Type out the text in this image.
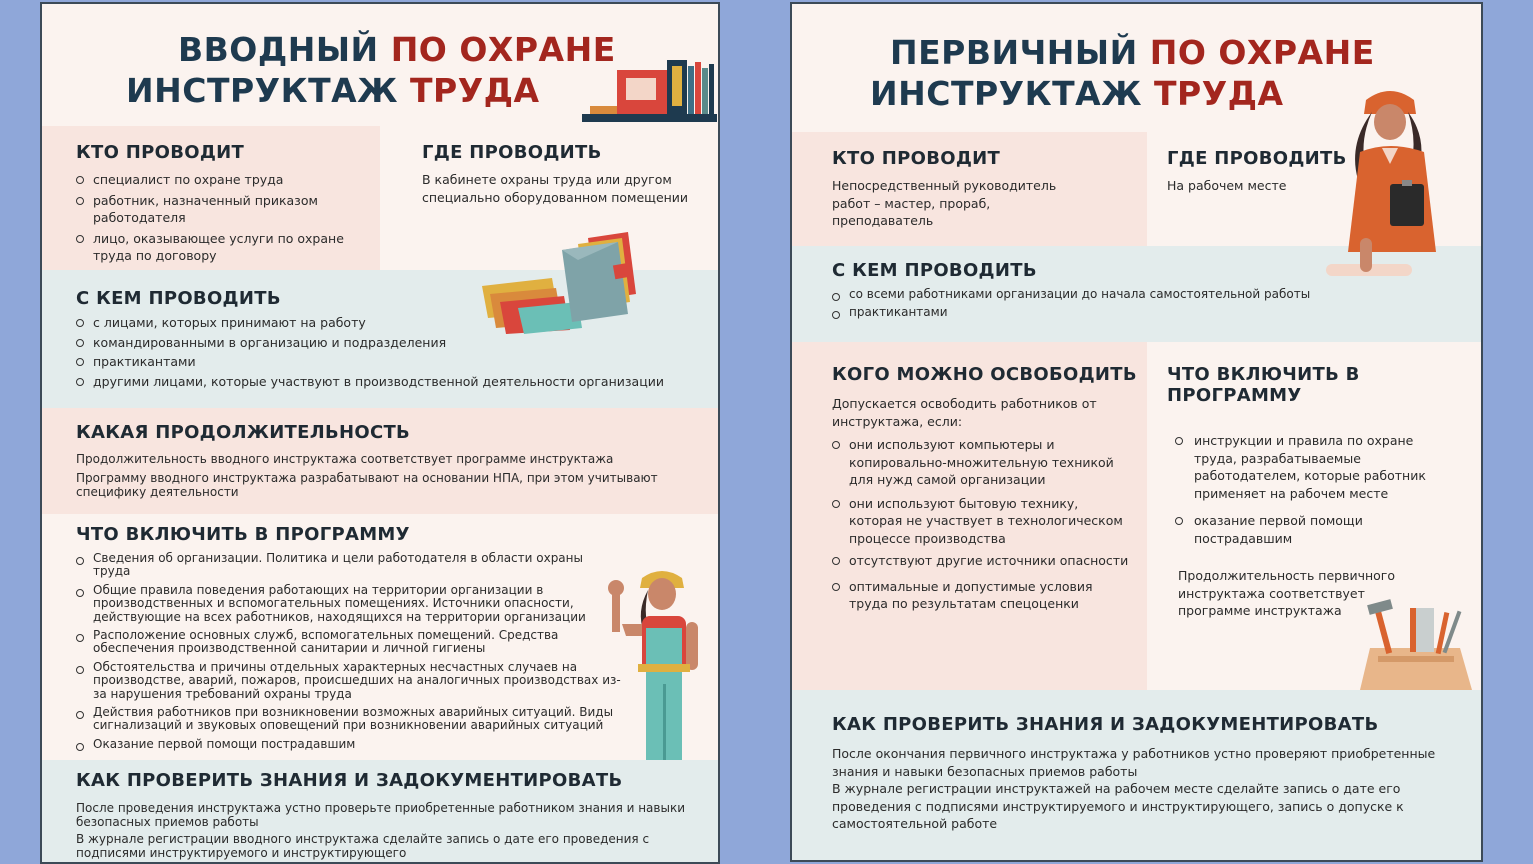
ВВОДНЫЙ ПО ОХРАНЕ
ИНСТРУКТАЖ ТРУДА
КТО ПРОВОДИТ
специалист по охране труда
работник, назначенный приказом работодателя
лицо, оказывающее услуги по охране труда по договору
ГДЕ ПРОВОДИТЬ

В кабинете охраны труда или другом специально оборудованном помещении

С КЕМ ПРОВОДИТЬ
с лицами, которых принимают на работу
командированными в организацию и подразделения
практикантами
другими лицами, которые участвуют в производственной деятельности организации
КАКАЯ ПРОДОЛЖИТЕЛЬНОСТЬ

Продолжительность вводного инструктажа соответствует программе инструктажа

Программу вводного инструктажа разрабатывают на основании НПА, при этом учитывают специфику деятельности

ЧТО ВКЛЮЧИТЬ В ПРОГРАММУ
Сведения об организации. Политика и цели работодателя в области охраны труда
Общие правила поведения работающих на территории организации в производственных и вспомогательных помещениях. Источники опасности, действующие на всех работников, находящихся на территории организации
Расположение основных служб, вспомогательных помещений. Средства обеспечения производственной санитарии и личной гигиены
Обстоятельства и причины отдельных характерных несчастных случаев на производстве, аварий, пожаров, происшедших на аналогичных производствах из-за нарушения требований охраны труда
Действия работников при возникновении возможных аварийных ситуаций. Виды сигнализаций и звуковых оповещений при возникновении аварийных ситуаций
Оказание первой помощи пострадавшим
КАК ПРОВЕРИТЬ ЗНАНИЯ И ЗАДОКУМЕНТИРОВАТЬ

После проведения инструктажа устно проверьте приобретенные работником знания и навыки безопасных приемов работы

В журнале регистрации вводного инструктажа сделайте запись о дате его проведения с подписями инструктируемого и инструктирующего

ПЕРВИЧНЫЙ ПО ОХРАНЕ
ИНСТРУКТАЖ ТРУДА
КТО ПРОВОДИТ

Непосредственный руководитель работ – мастер, прораб, преподаватель

ГДЕ ПРОВОДИТЬ

На рабочем месте

С КЕМ ПРОВОДИТЬ
со всеми работниками организации до начала самостоятельной работы
практикантами
КОГО МОЖНО ОСВОБОДИТЬ

Допускается освободить работников от инструктажа, если:

они используют компьютеры и копировально-множительную техникой для нужд самой организации
они используют бытовую технику, которая не участвует в технологическом процессе производства
отсутствуют другие источники опасности
оптимальные и допустимые условия труда по результатам спецоценки
ЧТО ВКЛЮЧИТЬ В ПРОГРАММУ
инструкции и правила по охране труда, разрабатываемые работодателем, которые работник применяет на рабочем месте
оказание первой помощи пострадавшим

Продолжительность первичного инструктажа соответствует программе инструктажа

КАК ПРОВЕРИТЬ ЗНАНИЯ И ЗАДОКУМЕНТИРОВАТЬ

После окончания первичного инструктажа у работников устно проверяют приобретенные знания и навыки безопасных приемов работы

В журнале регистрации инструктажей на рабочем месте сделайте запись о дате его проведения с подписями инструктируемого и инструктирующего, запись о допуске к самостоятельной работе
